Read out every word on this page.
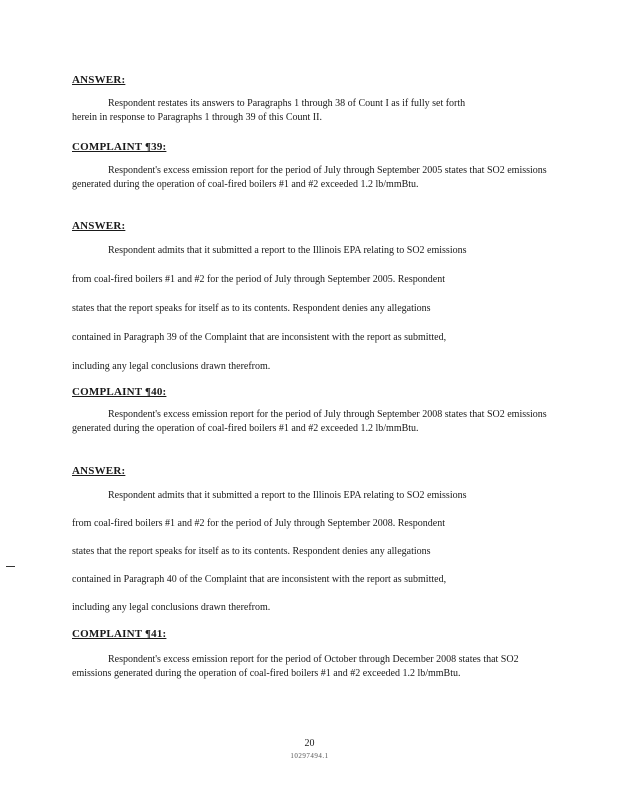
ANSWER:

Respondent restates its answers to Paragraphs 1 through 38 of Count I as if fully set forth

herein in response to Paragraphs 1 through 39 of this Count II.

COMPLAINT ¶39:

Respondent's excess emission report for the period of July through September 2005 states that SO2 emissions generated during the operation of coal-fired boilers #1 and #2 exceeded 1.2 lb/mmBtu.

ANSWER:

Respondent admits that it submitted a report to the Illinois EPA relating to SO2 emissions

from coal-fired boilers #1 and #2 for the period of July through September 2005. Respondent

states that the report speaks for itself as to its contents. Respondent denies any allegations

contained in Paragraph 39 of the Complaint that are inconsistent with the report as submitted,

including any legal conclusions drawn therefrom.

COMPLAINT ¶40:

Respondent's excess emission report for the period of July through September 2008 states that SO2 emissions generated during the operation of coal-fired boilers #1 and #2 exceeded 1.2 lb/mmBtu.

ANSWER:

Respondent admits that it submitted a report to the Illinois EPA relating to SO2 emissions

from coal-fired boilers #1 and #2 for the period of July through September 2008. Respondent

states that the report speaks for itself as to its contents. Respondent denies any allegations

contained in Paragraph 40 of the Complaint that are inconsistent with the report as submitted,

including any legal conclusions drawn therefrom.

COMPLAINT ¶41:

Respondent's excess emission report for the period of October through December 2008 states that SO2 emissions generated during the operation of coal-fired boilers #1 and #2 exceeded 1.2 lb/mmBtu.

20
10297494.1
